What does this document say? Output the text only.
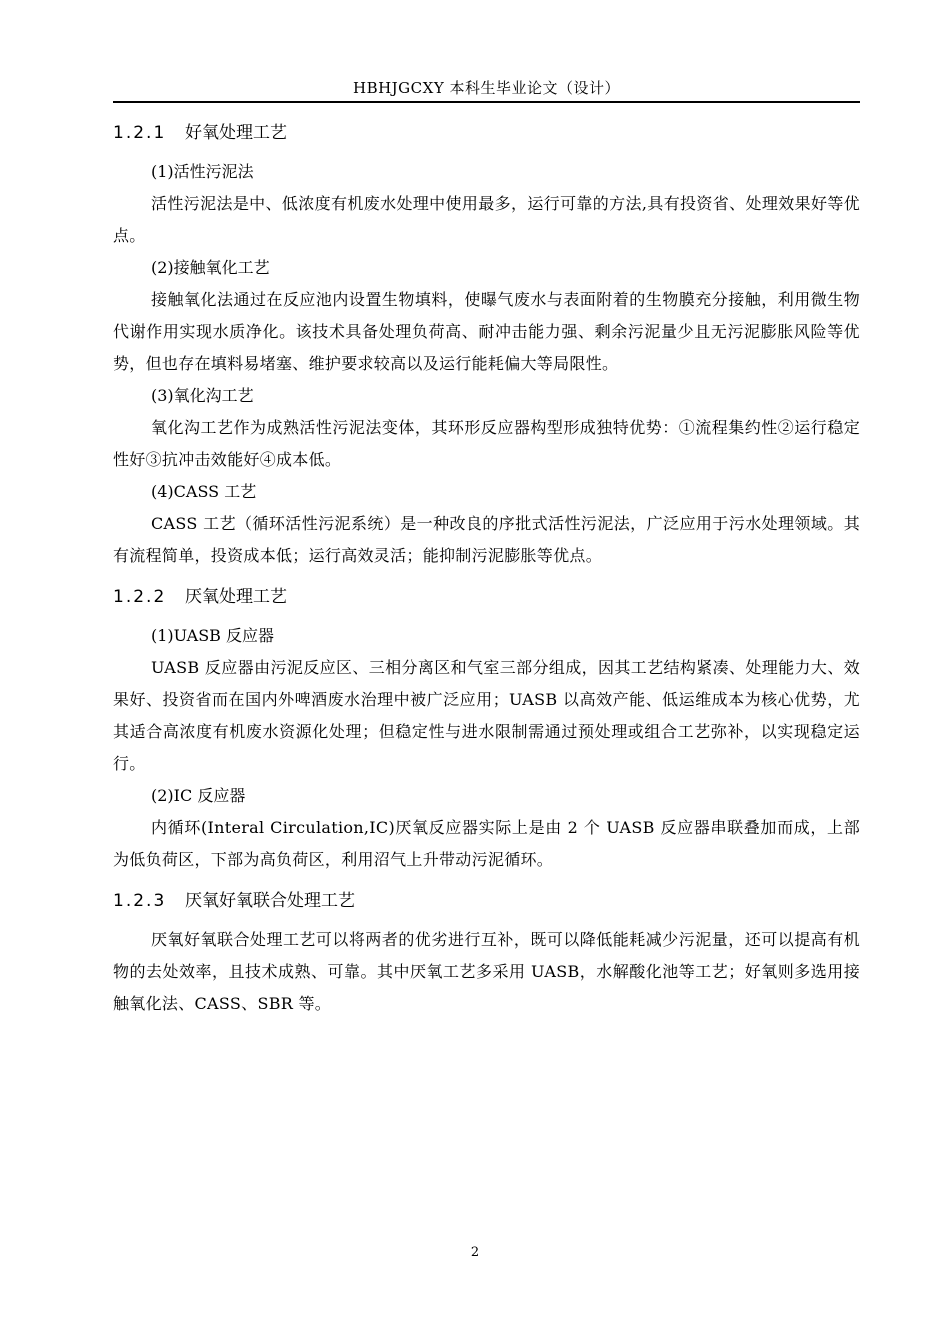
HBHJGCXY 本科生毕业论文（设计）
1.2.1	好氧处理工艺

(1)活性污泥法

活性污泥法是中、低浓度有机废水处理中使用最多，运行可靠的方法,具有投资省、处理效果好等优点。

(2)接触氧化工艺

接触氧化法通过在反应池内设置生物填料，使曝气废水与表面附着的生物膜充分接触，利用微生物代谢作用实现水质净化。该技术具备处理负荷高、耐冲击能力强、剩余污泥量少且无污泥膨胀风险等优势，但也存在填料易堵塞、维护要求较高以及运行能耗偏大等局限性。

(3)氧化沟工艺

氧化沟工艺作为成熟活性污泥法变体，其环形反应器构型形成独特优势：①流程集约性②运行稳定性好③抗冲击效能好④成本低。

(4)CASS 工艺

CASS 工艺（循环活性污泥系统）是一种改良的序批式活性污泥法，广泛应用于污水处理领域。其有流程简单，投资成本低；运行高效灵活；能抑制污泥膨胀等优点。

1.2.2	厌氧处理工艺

(1)UASB 反应器

UASB 反应器由污泥反应区、三相分离区和气室三部分组成，因其工艺结构紧凑、处理能力大、效果好、投资省而在国内外啤酒废水治理中被广泛应用；UASB 以高效产能、低运维成本为核心优势，尤其适合高浓度有机废水资源化处理；但稳定性与进水限制需通过预处理或组合工艺弥补，以实现稳定运行。

(2)IC 反应器

内循环(Interal Circulation,IC)厌氧反应器实际上是由 2 个 UASB 反应器串联叠加而成，上部为低负荷区，下部为高负荷区，利用沼气上升带动污泥循环。

1.2.3	厌氧好氧联合处理工艺

厌氧好氧联合处理工艺可以将两者的优劣进行互补，既可以降低能耗减少污泥量，还可以提高有机物的去处效率，且技术成熟、可靠。其中厌氧工艺多采用 UASB，水解酸化池等工艺；好氧则多选用接触氧化法、CASS、SBR 等。

2
